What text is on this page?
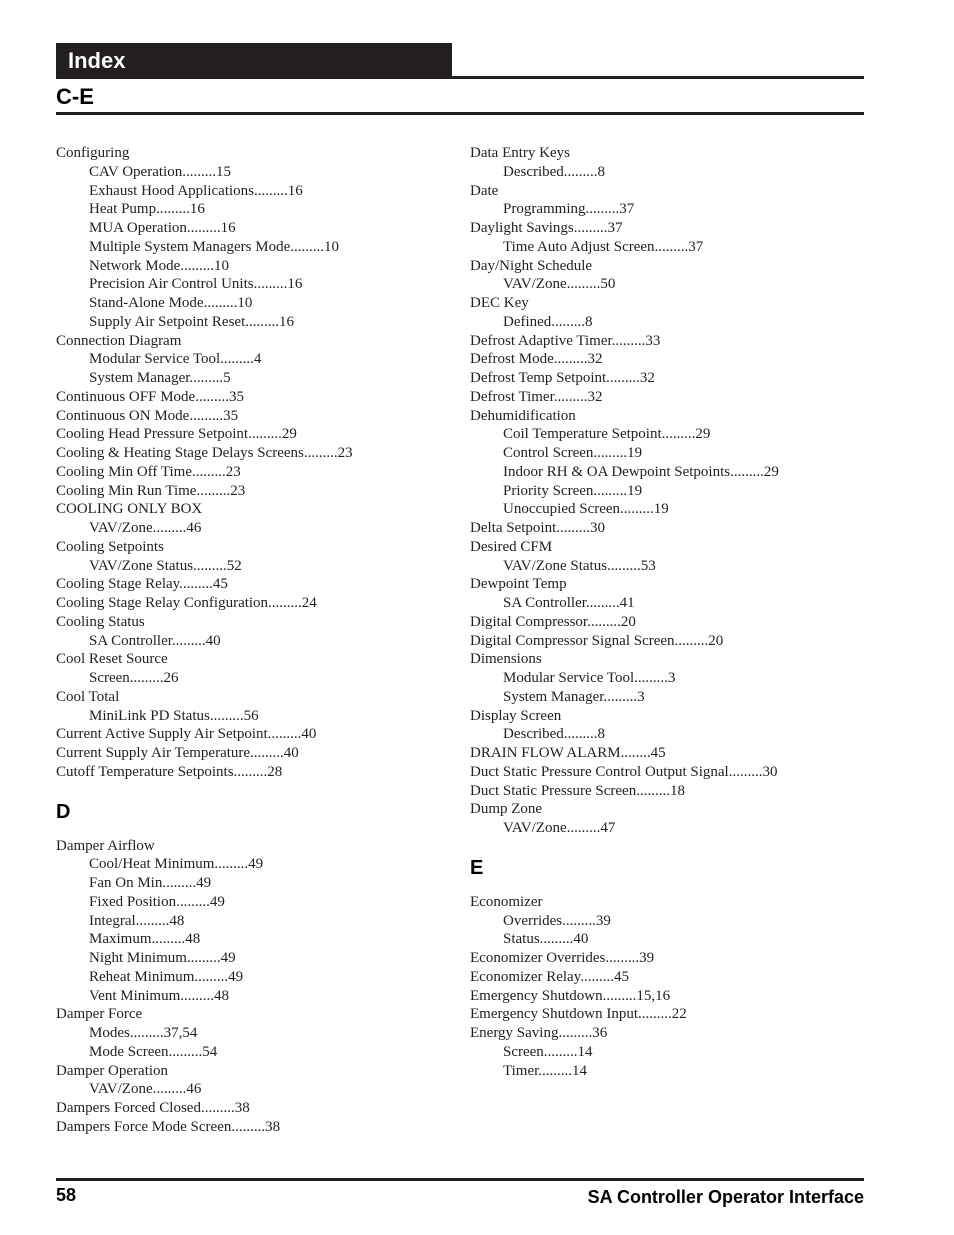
Index
C-E
Configuring
CAV Operation.........15
Exhaust Hood Applications.........16
Heat Pump.........16
MUA Operation.........16
Multiple System Managers Mode.........10
Network Mode.........10
Precision Air Control Units.........16
Stand-Alone Mode.........10
Supply Air Setpoint Reset.........16
Connection Diagram
Modular Service Tool.........4
System Manager.........5
Continuous OFF Mode.........35
Continuous ON Mode.........35
Cooling Head Pressure Setpoint.........29
Cooling & Heating Stage Delays Screens.........23
Cooling Min Off Time.........23
Cooling Min Run Time.........23
COOLING ONLY BOX
VAV/Zone.........46
Cooling Setpoints
VAV/Zone Status.........52
Cooling Stage Relay.........45
Cooling Stage Relay Configuration.........24
Cooling Status
SA Controller.........40
Cool Reset Source
Screen.........26
Cool Total
MiniLink PD Status.........56
Current Active Supply Air Setpoint.........40
Current Supply Air Temperature.........40
Cutoff Temperature Setpoints.........28
D
Damper Airflow
Cool/Heat Minimum.........49
Fan On Min.........49
Fixed Position.........49
Integral.........48
Maximum.........48
Night Minimum.........49
Reheat Minimum.........49
Vent Minimum.........48
Damper Force
Modes.........37,54
Mode Screen.........54
Damper Operation
VAV/Zone.........46
Dampers Forced Closed.........38
Dampers Force Mode Screen.........38
Data Entry Keys
Described.........8
Date
Programming.........37
Daylight Savings.........37
Time Auto Adjust Screen.........37
Day/Night Schedule
VAV/Zone.........50
DEC Key
Defined.........8
Defrost Adaptive Timer.........33
Defrost Mode.........32
Defrost Temp Setpoint.........32
Defrost Timer.........32
Dehumidification
Coil Temperature Setpoint.........29
Control Screen.........19
Indoor RH & OA Dewpoint Setpoints.........29
Priority Screen.........19
Unoccupied Screen.........19
Delta Setpoint.........30
Desired CFM
VAV/Zone Status.........53
Dewpoint Temp
SA Controller.........41
Digital Compressor.........20
Digital Compressor Signal Screen.........20
Dimensions
Modular Service Tool.........3
System Manager.........3
Display Screen
Described.........8
DRAIN FLOW ALARM........45
Duct Static Pressure Control Output Signal.........30
Duct Static Pressure Screen.........18
Dump Zone
VAV/Zone.........47
E
Economizer
Overrides.........39
Status.........40
Economizer Overrides.........39
Economizer Relay.........45
Emergency Shutdown.........15,16
Emergency Shutdown Input.........22
Energy Saving.........36
Screen.........14
Timer.........14
58	SA Controller Operator Interface
